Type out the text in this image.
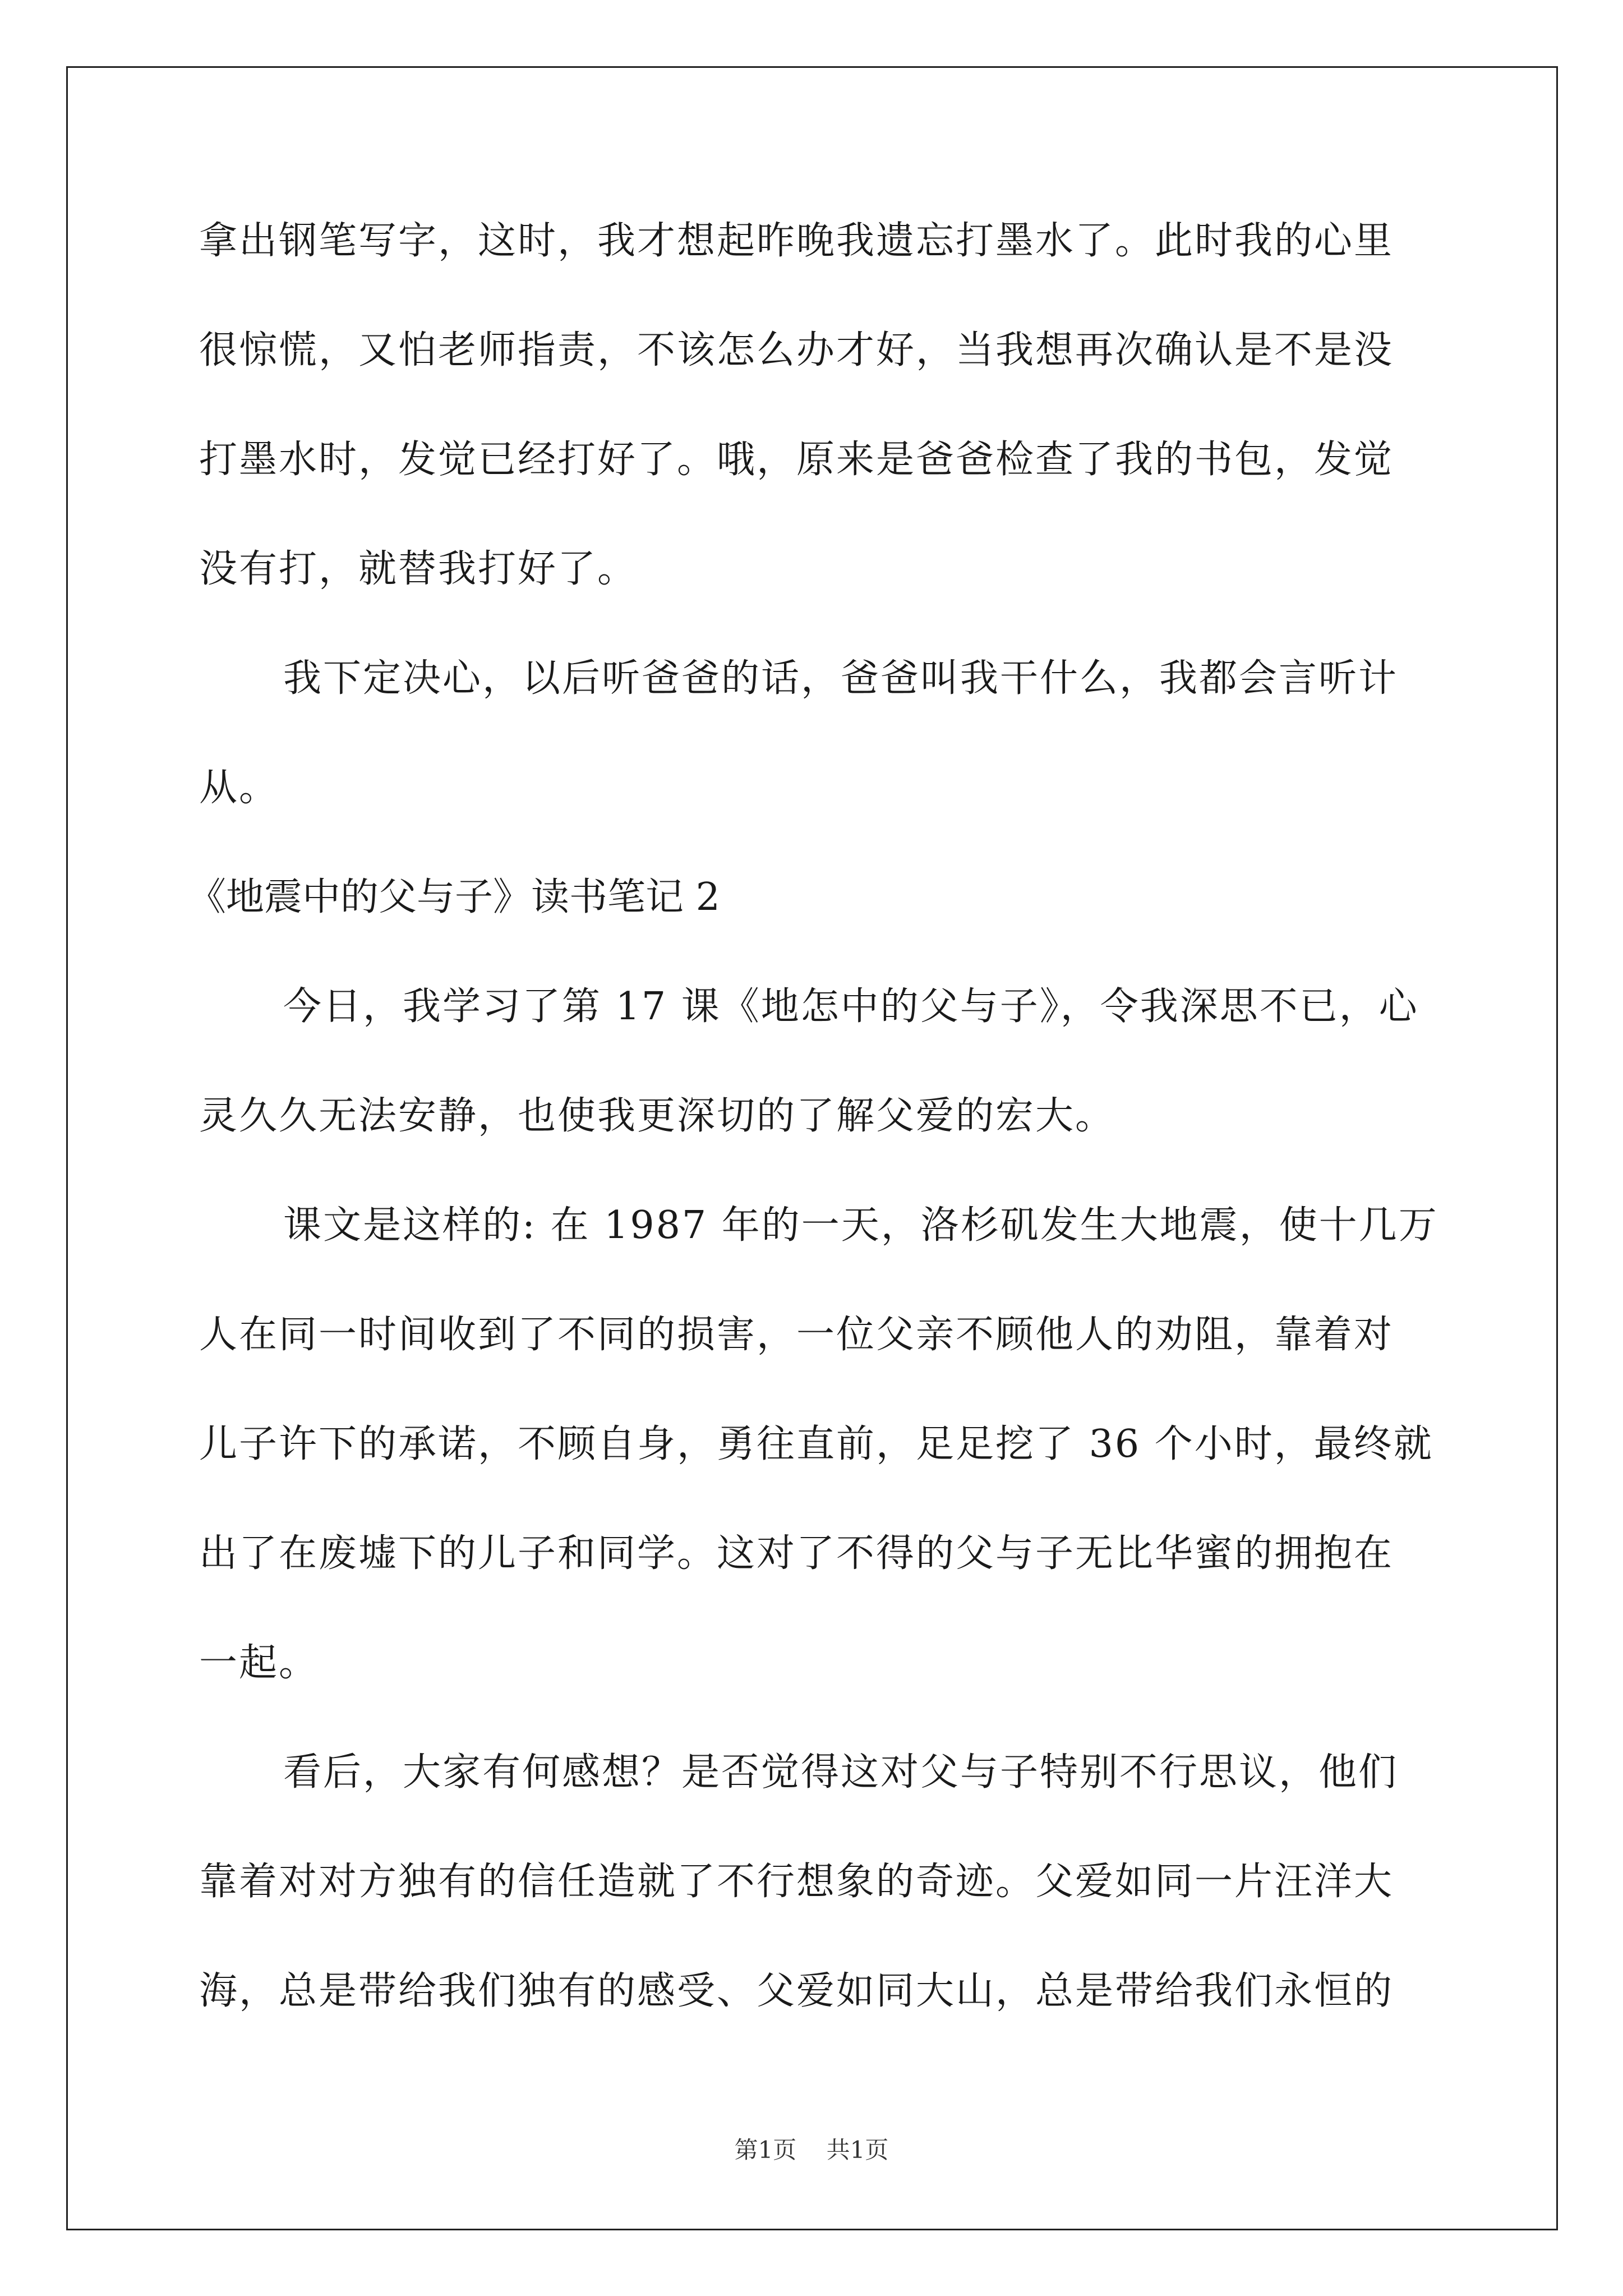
拿出钢笔写字，这时，我才想起昨晚我遗忘打墨水了。此时我的心里
很惊慌，又怕老师指责，不该怎么办才好，当我想再次确认是不是没
打墨水时，发觉已经打好了。哦，原来是爸爸检查了我的书包，发觉
没有打，就替我打好了。
我下定决心，以后听爸爸的话，爸爸叫我干什么，我都会言听计
从。
《地震中的父与子》读书笔记 2
今日，我学习了第 17 课《地怎中的父与子》，令我深思不已，心
灵久久无法安静，也使我更深切的了解父爱的宏大。
课文是这样的: 在 1987 年的一天，洛杉矶发生大地震，使十几万
人在同一时间收到了不同的损害，一位父亲不顾他人的劝阻，靠着对
儿子许下的承诺，不顾自身，勇往直前，足足挖了 36 个小时，最终就
出了在废墟下的儿子和同学。这对了不得的父与子无比华蜜的拥抱在
一起。
看后，大家有何感想？是否觉得这对父与子特别不行思议，他们
靠着对对方独有的信任造就了不行想象的奇迹。父爱如同一片汪洋大
海，总是带给我们独有的感受、父爱如同大山，总是带给我们永恒的
第1页 共1页
